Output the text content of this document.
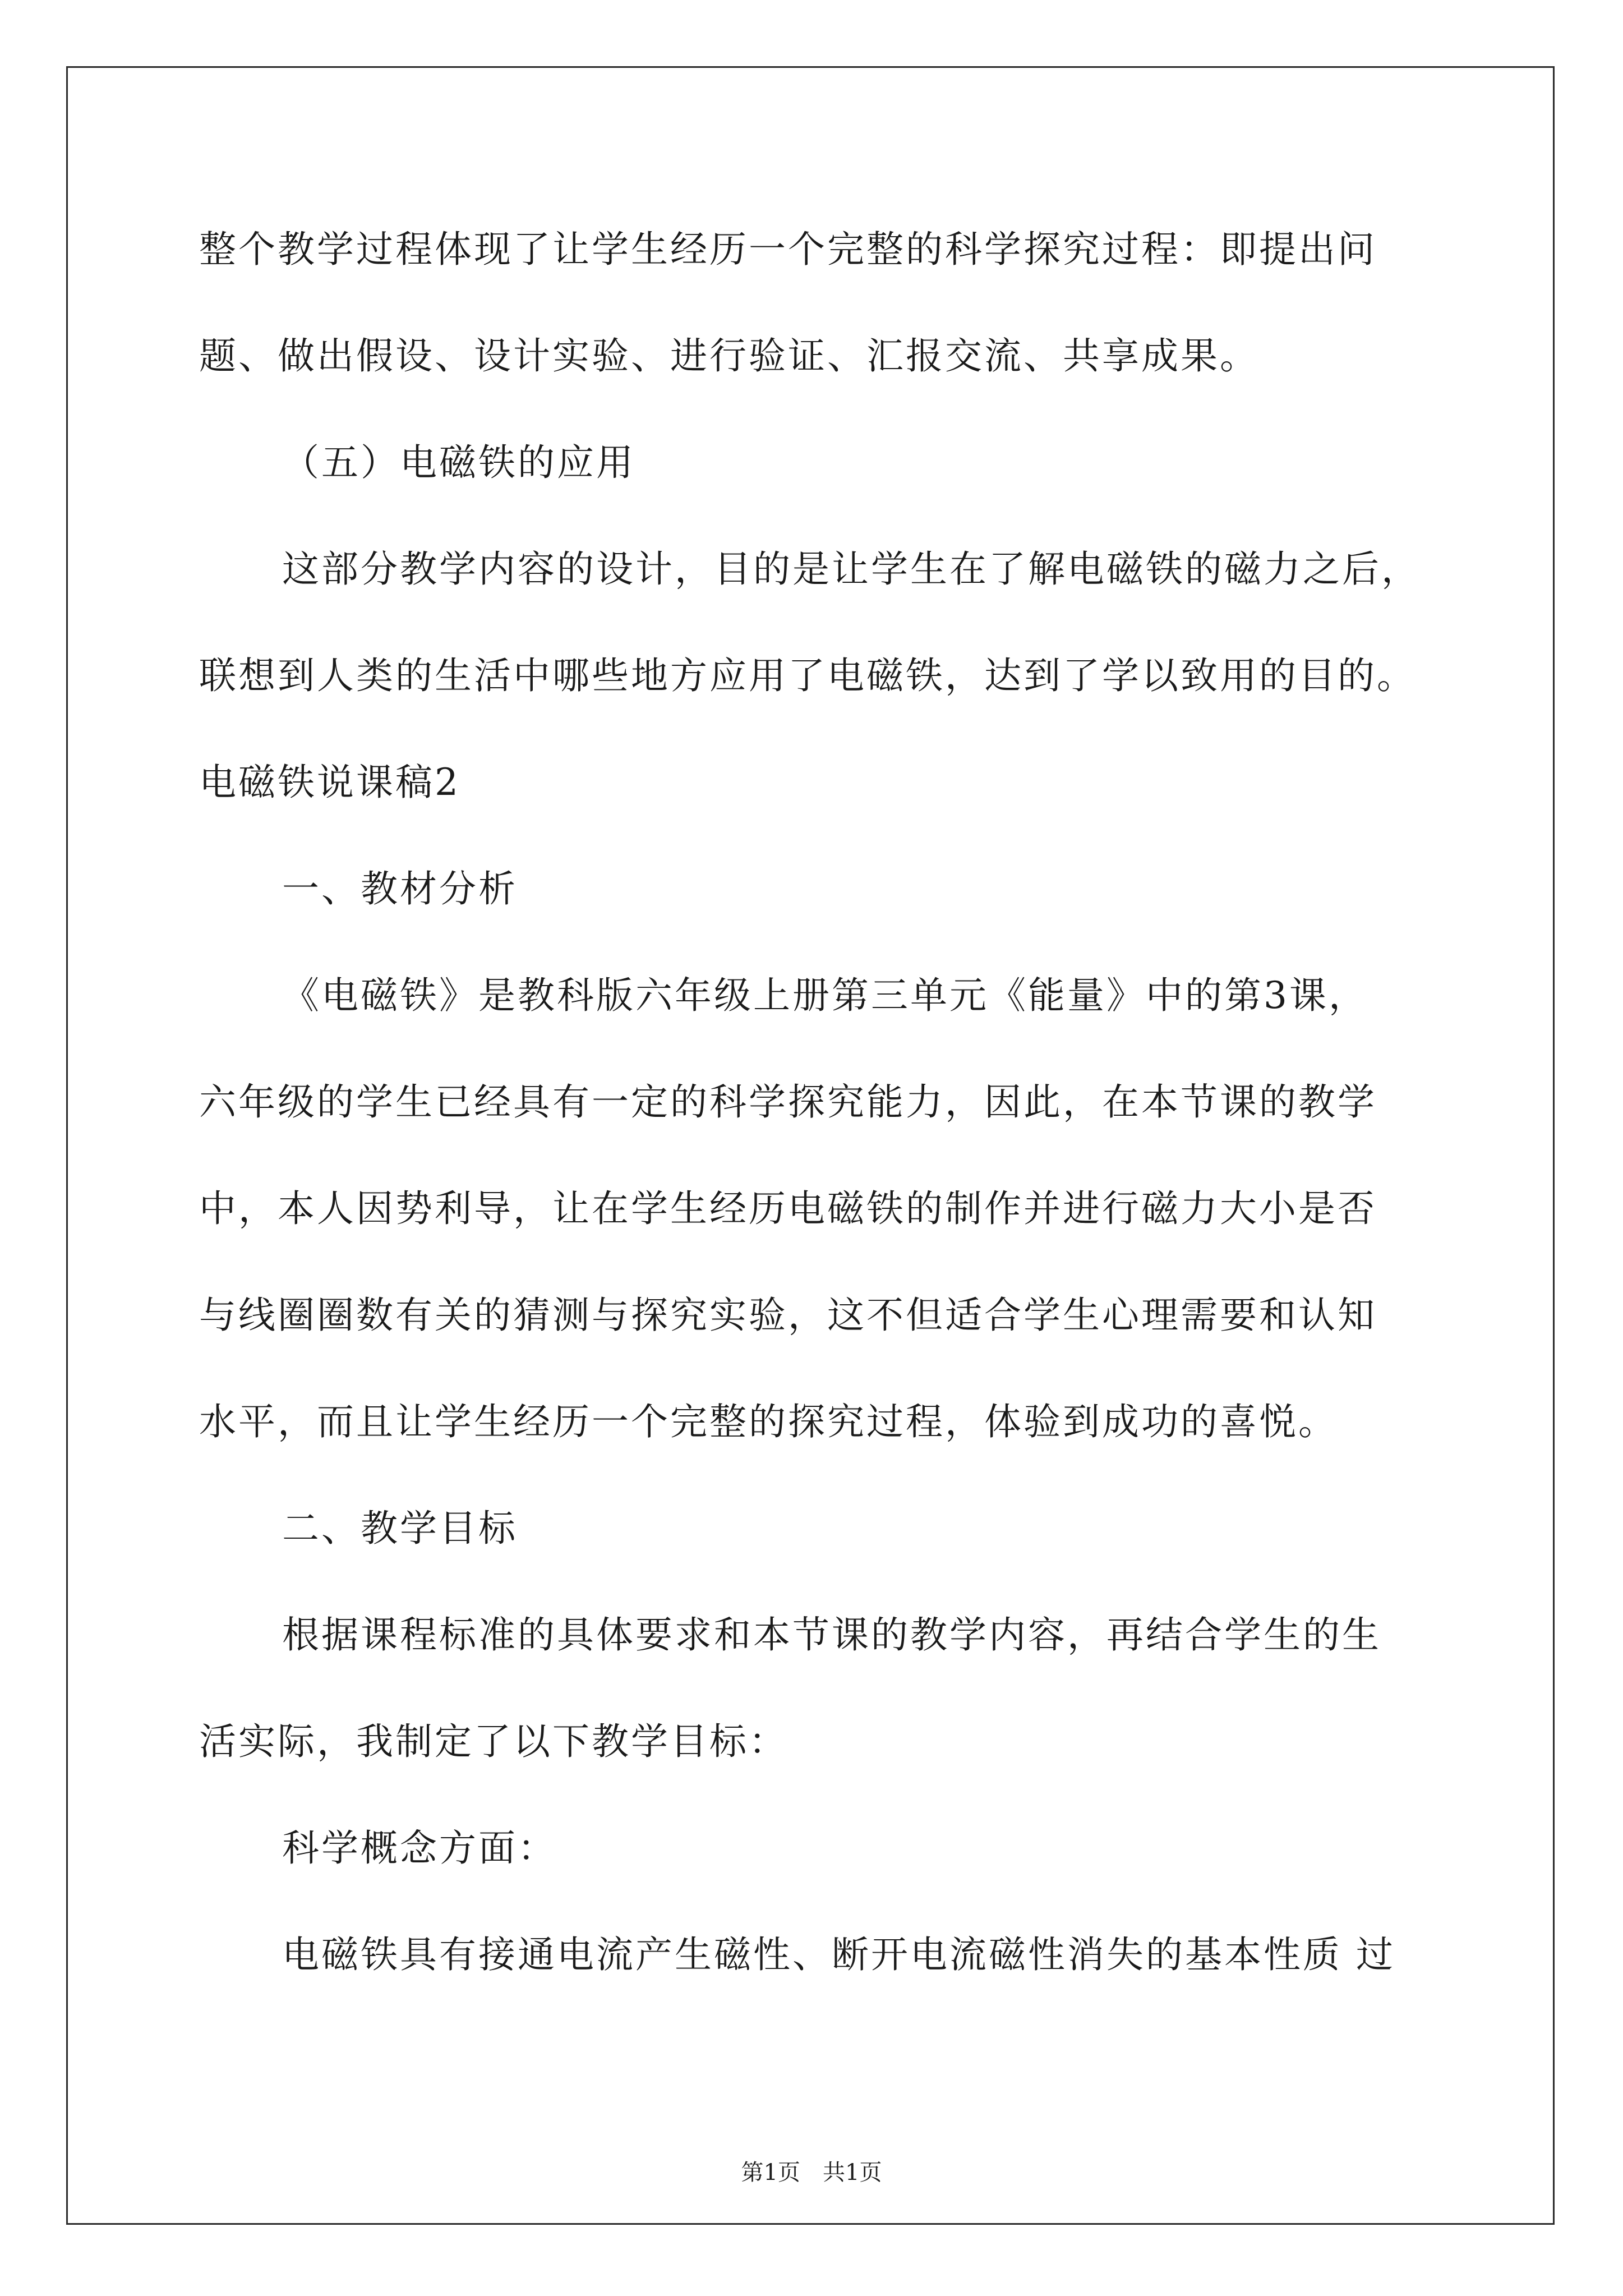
整个教学过程体现了让学生经历一个完整的科学探究过程：即提出问
题、做出假设、设计实验、进行验证、汇报交流、共享成果。
（五）电磁铁的应用
这部分教学内容的设计，目的是让学生在了解电磁铁的磁力之后，
联想到人类的生活中哪些地方应用了电磁铁，达到了学以致用的目的。
电磁铁说课稿2
一、教材分析
《电磁铁》是教科版六年级上册第三单元《能量》中的第3课，
六年级的学生已经具有一定的科学探究能力，因此，在本节课的教学
中，本人因势利导，让在学生经历电磁铁的制作并进行磁力大小是否
与线圈圈数有关的猜测与探究实验，这不但适合学生心理需要和认知
水平，而且让学生经历一个完整的探究过程，体验到成功的喜悦。
二、教学目标
根据课程标准的具体要求和本节课的教学内容，再结合学生的生
活实际，我制定了以下教学目标：
科学概念方面：
电磁铁具有接通电流产生磁性、断开电流磁性消失的基本性质 过
第1页　共1页
